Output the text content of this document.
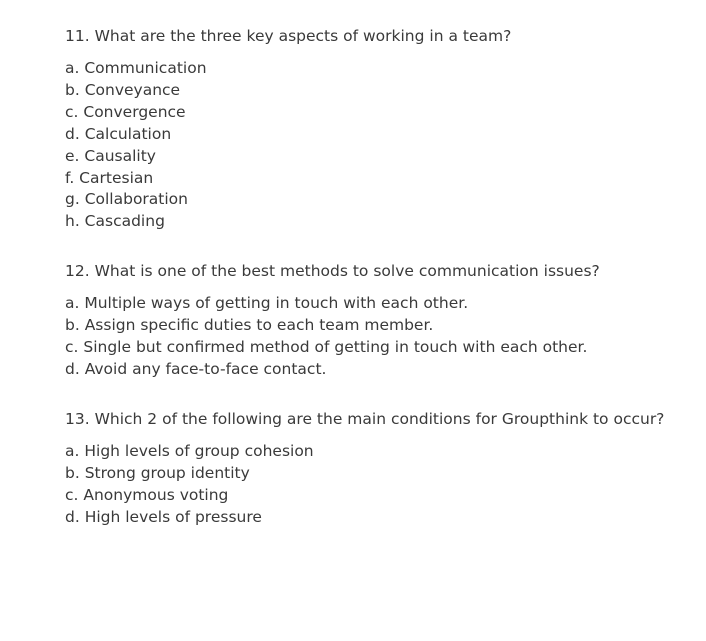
11. What are the three key aspects of working in a team?
a. Communication
b. Conveyance
c. Convergence
d. Calculation
e. Causality
f. Cartesian
g. Collaboration
h. Cascading
12. What is one of the best methods to solve communication issues?
a. Multiple ways of getting in touch with each other.
b. Assign specific duties to each team member.
c. Single but confirmed method of getting in touch with each other.
d. Avoid any face-to-face contact.
13. Which 2 of the following are the main conditions for Groupthink to occur?
a. High levels of group cohesion
b. Strong group identity
c. Anonymous voting
d. High levels of pressure
